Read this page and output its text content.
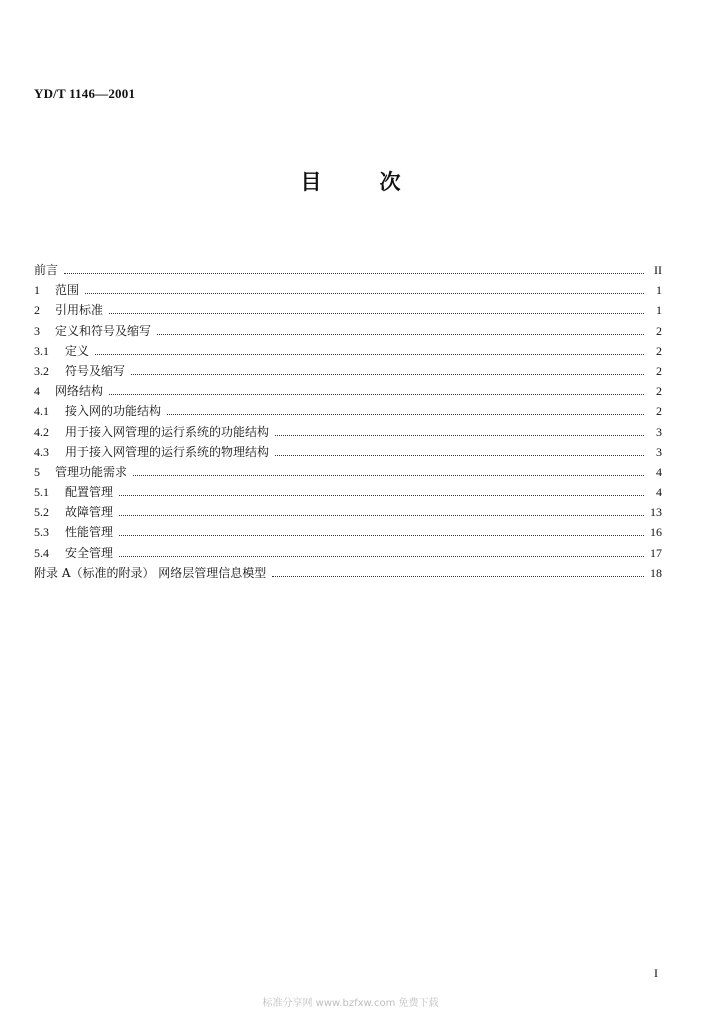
YD/T 1146—2001
目	次
前言	II
1	范围	1
2	引用标准	1
3	定义和符号及缩写	2
3.1	定义	2
3.2	符号及缩写	2
4	网络结构	2
4.1	接入网的功能结构	2
4.2	用于接入网管理的运行系统的功能结构	3
4.3	用于接入网管理的运行系统的物理结构	3
5	管理功能需求	4
5.1	配置管理	4
5.2	故障管理	13
5.3	性能管理	16
5.4	安全管理	17
附录 A（标准的附录） 网络层管理信息模型	18
I
标准分享网 www.bzfxw.com 免费下载
